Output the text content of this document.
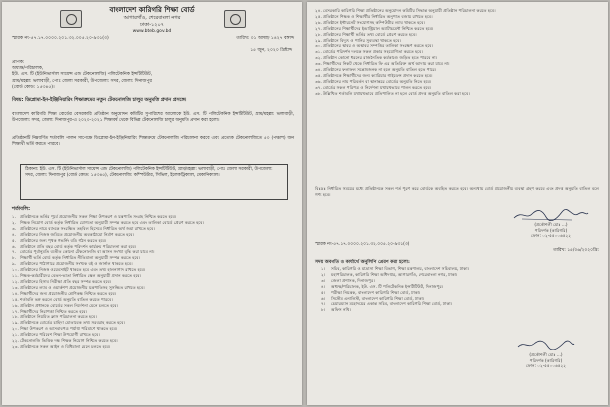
বাংলাদেশ কারিগরি শিক্ষা বোর্ড
আগারগাঁও, শেরেবাংলা নগর
ঢাকা-১২০৭
www.bteb.gov.bd
স্মারক নং-৫৭.১৭.০০০০.২০১.৩২.০০৫.২০-৯৩১(৩)	তারিখ: ০১ আষাঢ় ১৪২৭ বঙ্গাব্দ
১৫ জুন, ২০২০ খ্রিষ্টাব্দ
প্রাপক:
অধ্যক্ষ/পরিচালক,
ইউ. এস. টি (ইউনিভার্সাল সায়েন্স এন্ড টেকনোলজি) পলিটেকনিক ইন্সটিটিউট,
গ্রাম/মহল্লা: ভলাবাড়ী, পোঃ জেলা সরকারী, উপজেলা: সদর, জেলা: দিনাজপুর
(বোর্ড কোড: ১৫৩৪৫)।
বিষয়: ডিপ্লোমা-ইন-ইঞ্জিনিয়ারিং শিক্ষাক্রমের নতুন টেকনোলজি চালুর অনুমতি প্রদান প্রসঙ্গে।
বাংলাদেশ কারিগরি শিক্ষা বোর্ডের বেসরকারি প্রতিষ্ঠান অনুমোদন কমিটির সুপারিশের আলোকে ইউ. এস. টি পলিটেকনিক ইন্সটিটিউট, গ্রাম/মহল্লা: ভলাবাড়ী, উপজেলা: সদর, জেলা: দিনাজপুর-এ ২০২০-২০২১ শিক্ষাবর্ষ থেকে বিভিন্ন টেকনোলজি চালুর অনুমতি প্রদান করা হলো।
প্রতিষ্ঠানটি নিম্নবর্ণিত শর্তাবলি পালন সাপেক্ষে ডিপ্লোমা-ইন-ইঞ্জিনিয়ারিং শিক্ষাক্রমে টেকনোলজি পরিচালনা করবে এবং প্রত্যেক টেকনোলজিতে ৫০ (পঞ্চাশ) জন শিক্ষার্থী ভর্তি করতে পারবে।
ঠিকানা: ইউ. এস. টি (ইউনিভার্সাল সায়েন্স এন্ড টেকনোলজি) পলিটেকনিক ইন্সটিটিউট, গ্রাম/মহল্লা: ভলাবাড়ী, পোঃ জেলা সরকারী, উপজেলা: সদর, জেলা: দিনাজপুর (বোর্ড কোড: ১৫৩৪৫), টেকনোলজি: কম্পিউটার, সিভিল, ইলেকট্রিক্যাল, মেকানিক্যাল।
শর্তাবলি:
১. প্রতিষ্ঠানকে ভর্তির পূর্বে প্রয়োজনীয় সকল শিক্ষা উপকরণ ও যন্ত্রপাতি সংগ্রহ নিশ্চিত করতে হবে।
২. শিক্ষক নিয়োগ বোর্ড কর্তৃক নির্ধারিত যোগ্যতা অনুযায়ী সম্পন্ন করতে হবে এবং তালিকা বোর্ডে প্রেরণ করতে হবে।
৩. প্রতিষ্ঠানের নামে ব্যাংকে সংরক্ষিত তহবিল হিসেবে নির্ধারিত অর্থ জমা রাখতে হবে।
৪. প্রতিষ্ঠানের নিজস্ব জমিতে প্রয়োজনীয় অবকাঠামো নির্মাণ করতে হবে।
৫. প্রতিষ্ঠানের জন্য পৃথক গভর্নিং বডি গঠন করতে হবে।
৬. প্রতিষ্ঠানে প্রতি বছর বোর্ড কর্তৃক পরিদর্শন কার্যক্রম পরিচালনা করা হবে।
৭. বোর্ডের পূর্বানুমতি ব্যতীত কোনো টেকনোলজি বা আসন সংখ্যা বৃদ্ধি করা যাবে না।
৮. শিক্ষার্থী ভর্তি বোর্ড কর্তৃক নির্ধারিত নীতিমালা অনুযায়ী সম্পন্ন করতে হবে।
৯. প্রতিষ্ঠানের পাঠাগারে প্রয়োজনীয় সংখ্যক বই ও জার্নাল থাকতে হবে।
১০. প্রতিষ্ঠানের নিজস্ব ওয়েবসাইট থাকতে হবে এবং তথ্য হালনাগাদ রাখতে হবে।
১১. শিক্ষক-কর্মচারীদের বেতন-ভাতা নির্ধারিত স্কেল অনুযায়ী প্রদান করতে হবে।
১২. প্রতিষ্ঠানের হিসাব নিরীক্ষা প্রতি বছর সম্পন্ন করতে হবে।
১৩. প্রতিষ্ঠানের ল্যাব ও ওয়ার্কশপ প্রয়োজনীয় যন্ত্রপাতিসহ সুসজ্জিত রাখতে হবে।
১৪. শিক্ষার্থীদের জন্য প্রয়োজনীয় শ্রেণিকক্ষ নিশ্চিত করতে হবে।
১৫. শর্তাবলি ভঙ্গ করলে বোর্ড অনুমতি বাতিল করতে পারবে।
১৬. প্রতিষ্ঠান প্রধানকে বোর্ডের সকল নির্দেশনা মেনে চলতে হবে।
১৭. শিক্ষার্থীদের নিরাপত্তা নিশ্চিত করতে হবে।
১৮. প্রতিষ্ঠানে নিয়মিত ক্লাস পরিচালনা করতে হবে।
১৯. প্রতিষ্ঠানকে বোর্ডের চাহিদা মোতাবেক তথ্য সরবরাহ করতে হবে।
২০. শিক্ষা উপকরণ ও আসবাবপত্র পর্যাপ্ত পরিমাণে থাকতে হবে।
২১. প্রতিষ্ঠানের পরিবেশ শিক্ষা উপযোগী রাখতে হবে।
২২. টেকনোলজি ভিত্তিক দক্ষ শিক্ষক নিয়োগ নিশ্চিত করতে হবে।
২৩. প্রতিষ্ঠানকে সকল আইন ও বিধিমালা মেনে চলতে হবে।
২৪. বেসরকারি কারিগরি শিক্ষা প্রতিষ্ঠানের অনুমোদন কমিটির সিদ্ধান্ত অনুযায়ী প্রতিষ্ঠান পরিচালনা করতে হবে।
২৫. প্রতিষ্ঠানে শিক্ষক ও শিক্ষার্থীর নির্ধারিত অনুপাত বজায় রাখতে হবে।
২৬. প্রতিষ্ঠানে ইন্টারনেট সংযোগসহ কম্পিউটার ল্যাব থাকতে হবে।
২৭. প্রতিষ্ঠানের শিক্ষার্থীদের ইন্ডাস্ট্রিয়াল অ্যাটাচমেন্ট নিশ্চিত করতে হবে।
২৮. প্রতিষ্ঠানের শিক্ষার্থী ভর্তির তথ্য বোর্ডে প্রেরণ করতে হবে।
২৯. প্রতিষ্ঠানে বিদ্যুৎ ও পানির সুব্যবস্থা থাকতে হবে।
৩০. প্রতিষ্ঠানের স্থাবর ও অস্থাবর সম্পত্তির তালিকা সংরক্ষণ করতে হবে।
৩১. বোর্ডের পরিদর্শন দলকে সকল প্রকার সহযোগিতা করতে হবে।
৩২. প্রতিষ্ঠান কোনো ধরনের রাজনৈতিক কর্মকাণ্ডে জড়িত হতে পারবে না।
৩৩. শিক্ষার্থীদের নিকট থেকে নির্ধারিত ফি এর অতিরিক্ত অর্থ আদায় করা যাবে না।
৩৪. প্রতিষ্ঠানের ফলাফল সন্তোষজনক না হলে অনুমতি বাতিল হতে পারে।
৩৫. প্রতিষ্ঠানকে শিক্ষার্থীদের জন্য ক্যারিয়ার গাইডেন্স প্রদান করতে হবে।
৩৬. প্রতিষ্ঠানের নাম পরিবর্তন বা স্থানান্তরে বোর্ডের অনুমতি নিতে হবে।
৩৭. বোর্ডের সকল পরিপত্র ও নির্দেশনা যথাযথভাবে পালন করতে হবে।
৩৮. উল্লিখিত শর্তাবলি যথাযথভাবে প্রতিপালিত না হলে বোর্ড প্রদত্ত অনুমতি বাতিল করা হবে।
বিঃদ্রঃ নির্ধারিত সময়ের মধ্যে প্রতিষ্ঠানকে সকল শর্ত পূরণ করে বোর্ডকে অবহিত করতে হবে। অন্যথায় বোর্ড প্রয়োজনীয় ব্যবস্থা গ্রহণ করবে এবং প্রদত্ত অনুমতি বাতিল বলে গণ্য হবে।
(প্রকৌশলী মোঃ ...)
পরিদর্শক (কারিগরি)
ফোন: ০২-৫৫০০৬৫২২
স্মারক নং-৫৭.১৭.০০০০.২০১.৩২.০০৫.২০-৯৩১(৩)
তারিখ: ১৫/০৬/২০২০খ্রি:
সদয় অবগতি ও কার্যার্থে অনুলিপি প্রেরণ করা হলো:
১। সচিব, কারিগরি ও মাদ্রাসা শিক্ষা বিভাগ, শিক্ষা মন্ত্রণালয়, বাংলাদেশ সচিবালয়, ঢাকা।
২। মহাপরিচালক, কারিগরি শিক্ষা অধিদপ্তর, আগারগাঁও, শেরেবাংলা নগর, ঢাকা।
৩। জেলা প্রশাসক, দিনাজপুর।
৪। অধ্যক্ষ/পরিচালক, ইউ. এস. টি পলিটেকনিক ইন্সটিটিউট, দিনাজপুর।
৫। পরীক্ষা নিয়ন্ত্রক, বাংলাদেশ কারিগরি শিক্ষা বোর্ড, ঢাকা।
৬। সিস্টেম এনালিস্ট, বাংলাদেশ কারিগরি শিক্ষা বোর্ড, ঢাকা।
৭। চেয়ারম্যান মহোদয়ের একান্ত সচিব, বাংলাদেশ কারিগরি শিক্ষা বোর্ড, ঢাকা।
৮। অফিস নথি।
(প্রকৌশলী মোঃ ...)
পরিদর্শক (কারিগরি)
ফোন: ০২-৫৫০০৬৫২২
